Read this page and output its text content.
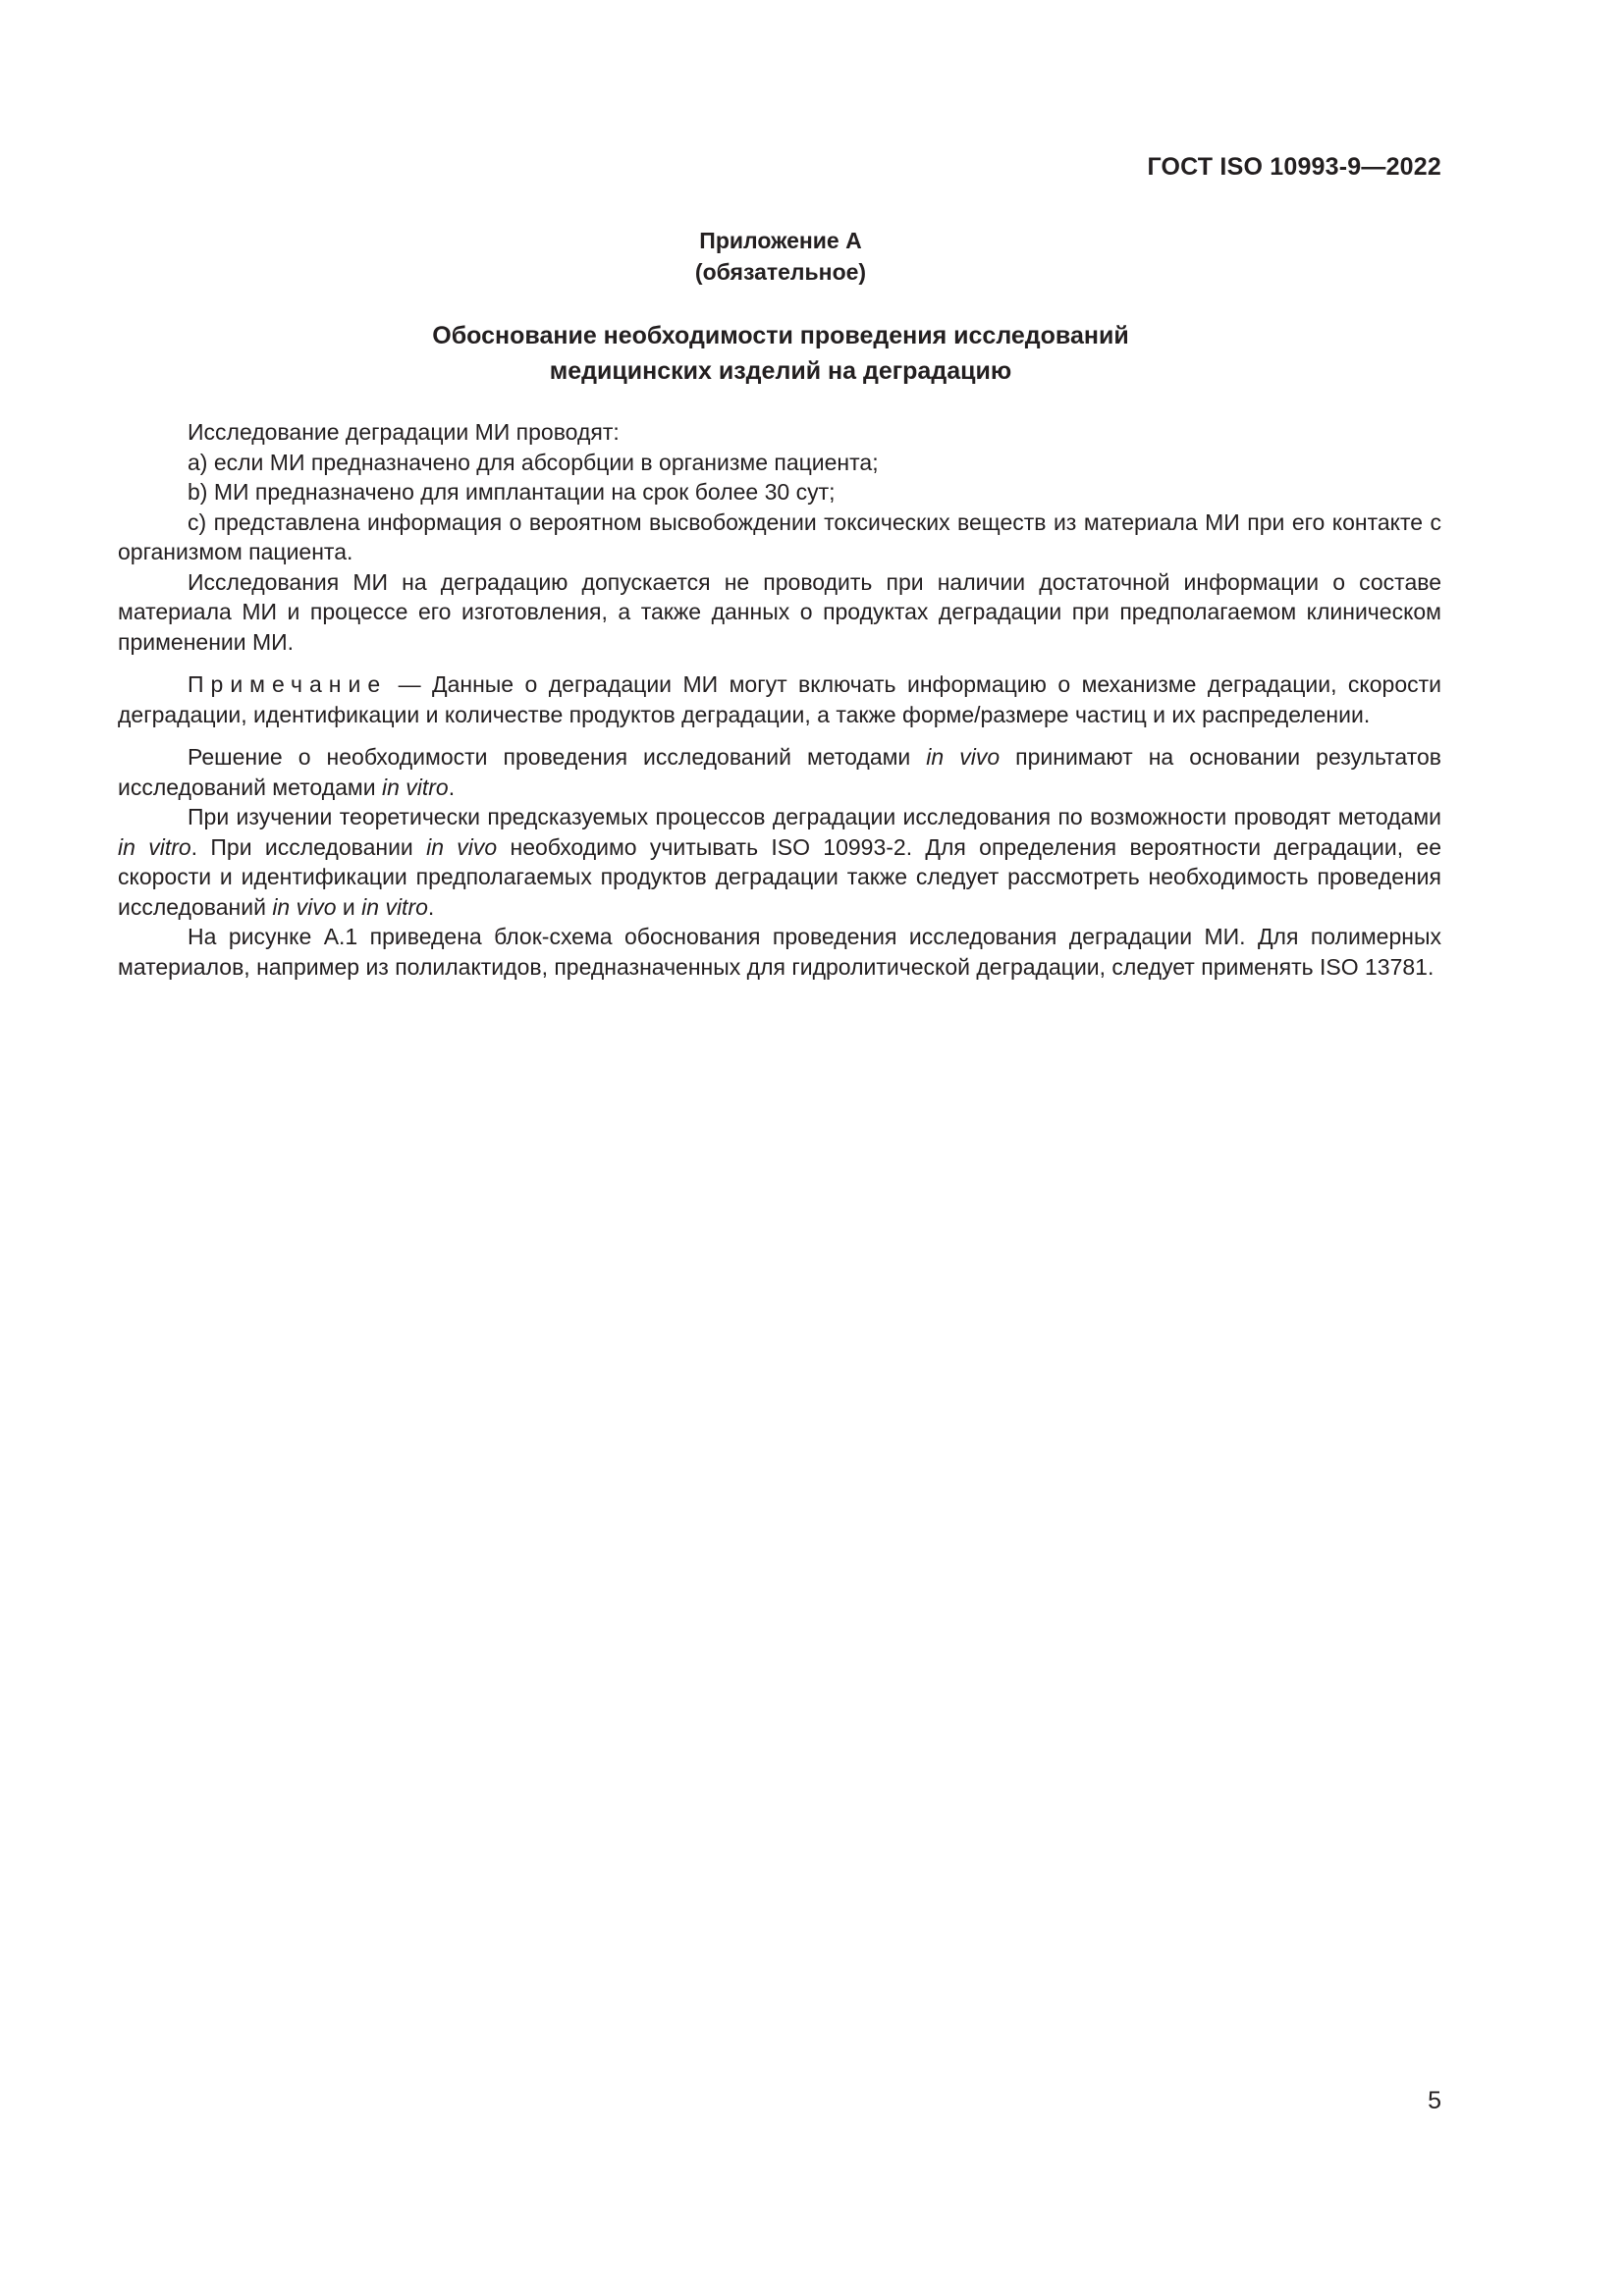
ГОСТ ISO 10993-9—2022
Приложение А
(обязательное)
Обоснование необходимости проведения исследований
медицинских изделий на деградацию

Исследование деградации МИ проводят:

а) если МИ предназначено для абсорбции в организме пациента;

b) МИ предназначено для имплантации на срок более 30 сут;

с) представлена информация о вероятном высвобождении токсических веществ из материала МИ при его контакте с организмом пациента.

Исследования МИ на деградацию допускается не проводить при наличии достаточной информации о составе материала МИ и процессе его изготовления, а также данных о продуктах деградации при предполагаемом клиническом применении МИ.

Примечание — Данные о деградации МИ могут включать информацию о механизме деградации, скорости деградации, идентификации и количестве продуктов деградации, а также форме/размере частиц и их распределении.

Решение о необходимости проведения исследований методами in vivo принимают на основании результатов исследований методами in vitro.

При изучении теоретически предсказуемых процессов деградации исследования по возможности проводят методами in vitro. При исследовании in vivo необходимо учитывать ISO 10993-2. Для определения вероятности деградации, ее скорости и идентификации предполагаемых продуктов деградации также следует рассмотреть необходимость проведения исследований in vivo и in vitro.

На рисунке А.1 приведена блок-схема обоснования проведения исследования деградации МИ. Для полимерных материалов, например из полилактидов, предназначенных для гидролитической деградации, следует применять ISO 13781.

5
